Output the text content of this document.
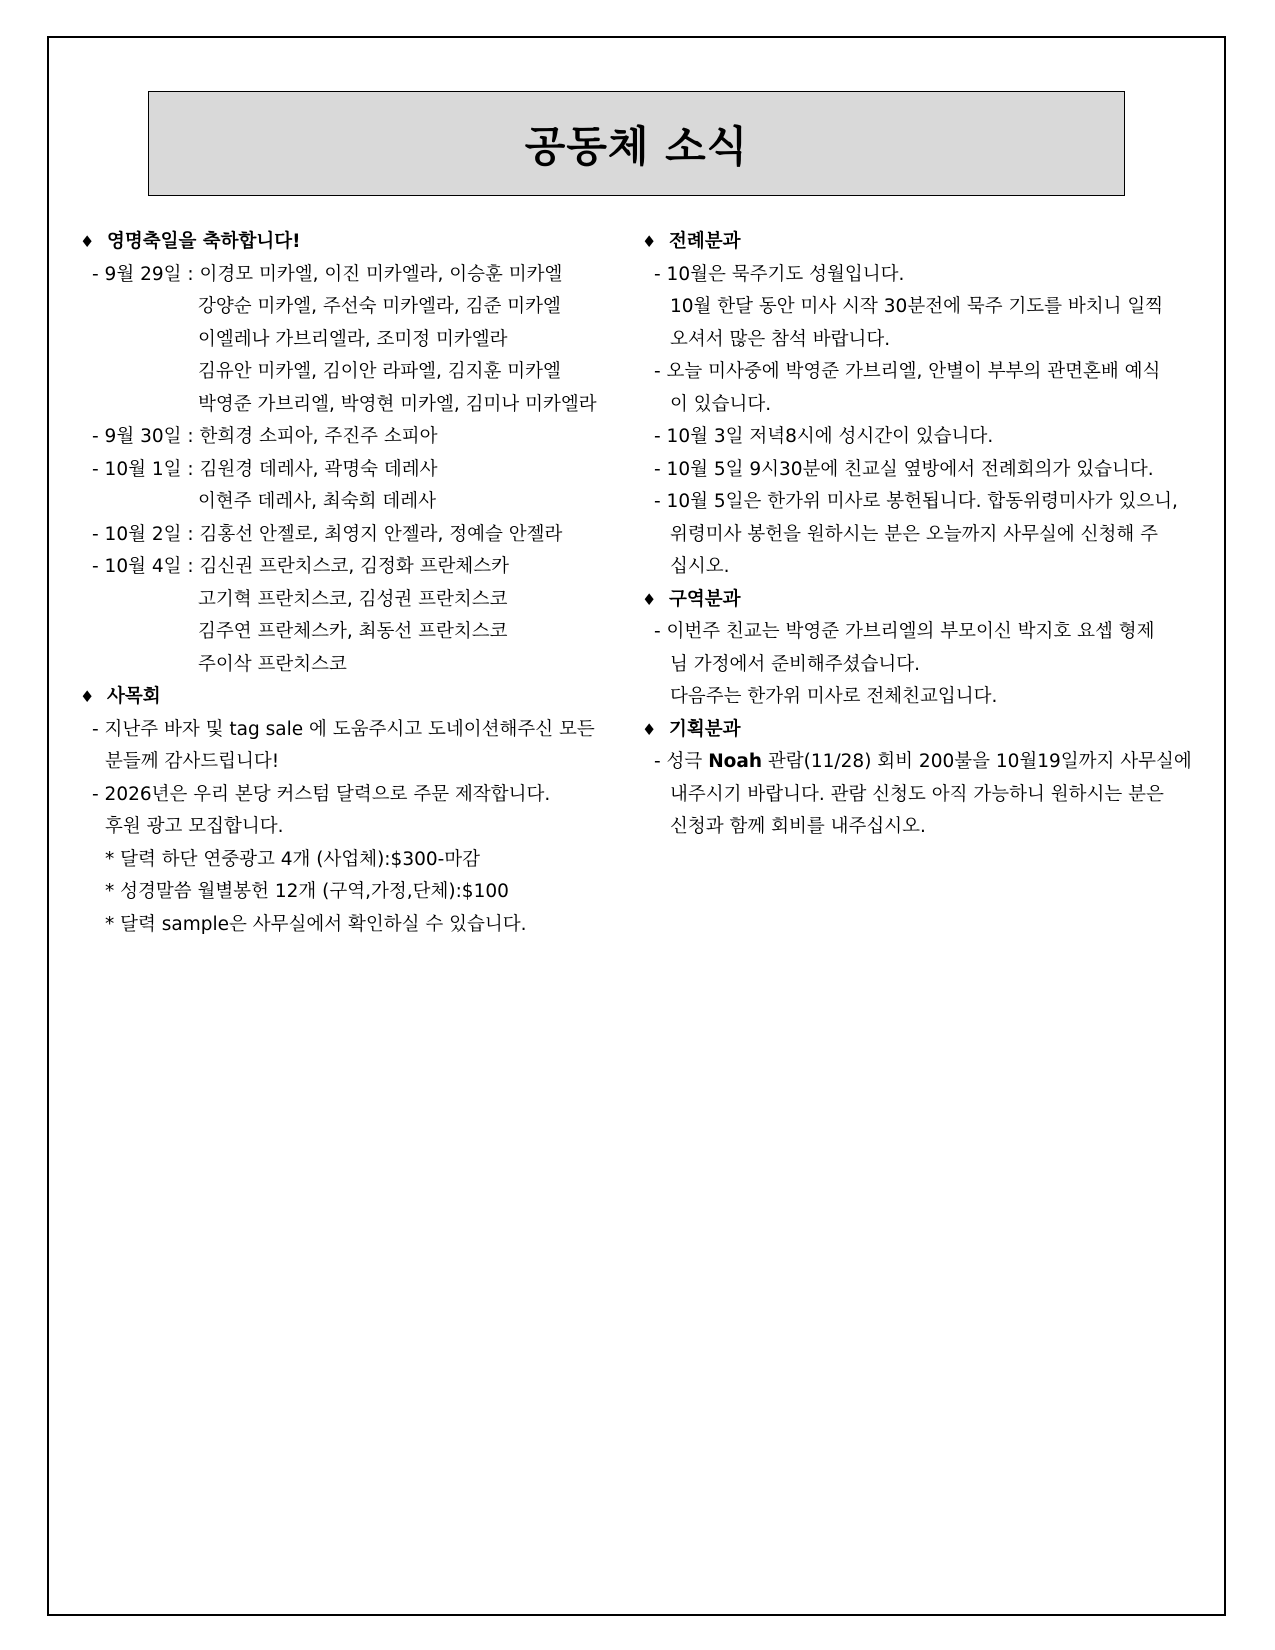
공동체 소식
♦ 영명축일을 축하합니다!
- 9월 29일 : 이경모 미카엘, 이진 미카엘라, 이승훈 미카엘
강양순 미카엘, 주선숙 미카엘라, 김준 미카엘
이엘레나 가브리엘라, 조미정 미카엘라
김유안 미카엘, 김이안 라파엘, 김지훈 미카엘
박영준 가브리엘, 박영현 미카엘, 김미나 미카엘라
- 9월 30일 : 한희경 소피아, 주진주 소피아
- 10월 1일 : 김원경 데레사, 곽명숙 데레사
이현주 데레사, 최숙희 데레사
- 10월 2일 : 김홍선 안젤로, 최영지 안젤라, 정예슬 안젤라
- 10월 4일 : 김신권 프란치스코, 김정화 프란체스카
고기혁 프란치스코, 김성권 프란치스코
김주연 프란체스카, 최동선 프란치스코
주이삭 프란치스코
♦ 사목회
- 지난주 바자 및 tag sale 에 도움주시고 도네이션해주신 모든
분들께 감사드립니다!
- 2026년은 우리 본당 커스텀 달력으로 주문 제작합니다.
후원 광고 모집합니다.
* 달력 하단 연중광고 4개 (사업체):$300-마감
* 성경말씀 월별봉헌 12개 (구역,가정,단체):$100
* 달력 sample은 사무실에서 확인하실 수 있습니다.
♦ 전례분과
- 10월은 묵주기도 성월입니다.
10월 한달 동안 미사 시작 30분전에 묵주 기도를 바치니 일찍
오셔서 많은 참석 바랍니다.
- 오늘 미사중에 박영준 가브리엘, 안별이 부부의 관면혼배 예식
이 있습니다.
- 10월 3일 저녁8시에 성시간이 있습니다.
- 10월 5일 9시30분에 친교실 옆방에서 전례회의가 있습니다.
- 10월 5일은 한가위 미사로 봉헌됩니다. 합동위령미사가 있으니,
위령미사 봉헌을 원하시는 분은 오늘까지 사무실에 신청해 주
십시오.
♦ 구역분과
- 이번주 친교는 박영준 가브리엘의 부모이신 박지호 요셉 형제
님 가정에서 준비해주셨습니다.
다음주는 한가위 미사로 전체친교입니다.
♦ 기획분과
- 성극 Noah 관람(11/28) 회비 200불을 10월19일까지 사무실에
내주시기 바랍니다. 관람 신청도 아직 가능하니 원하시는 분은
신청과 함께 회비를 내주십시오.
